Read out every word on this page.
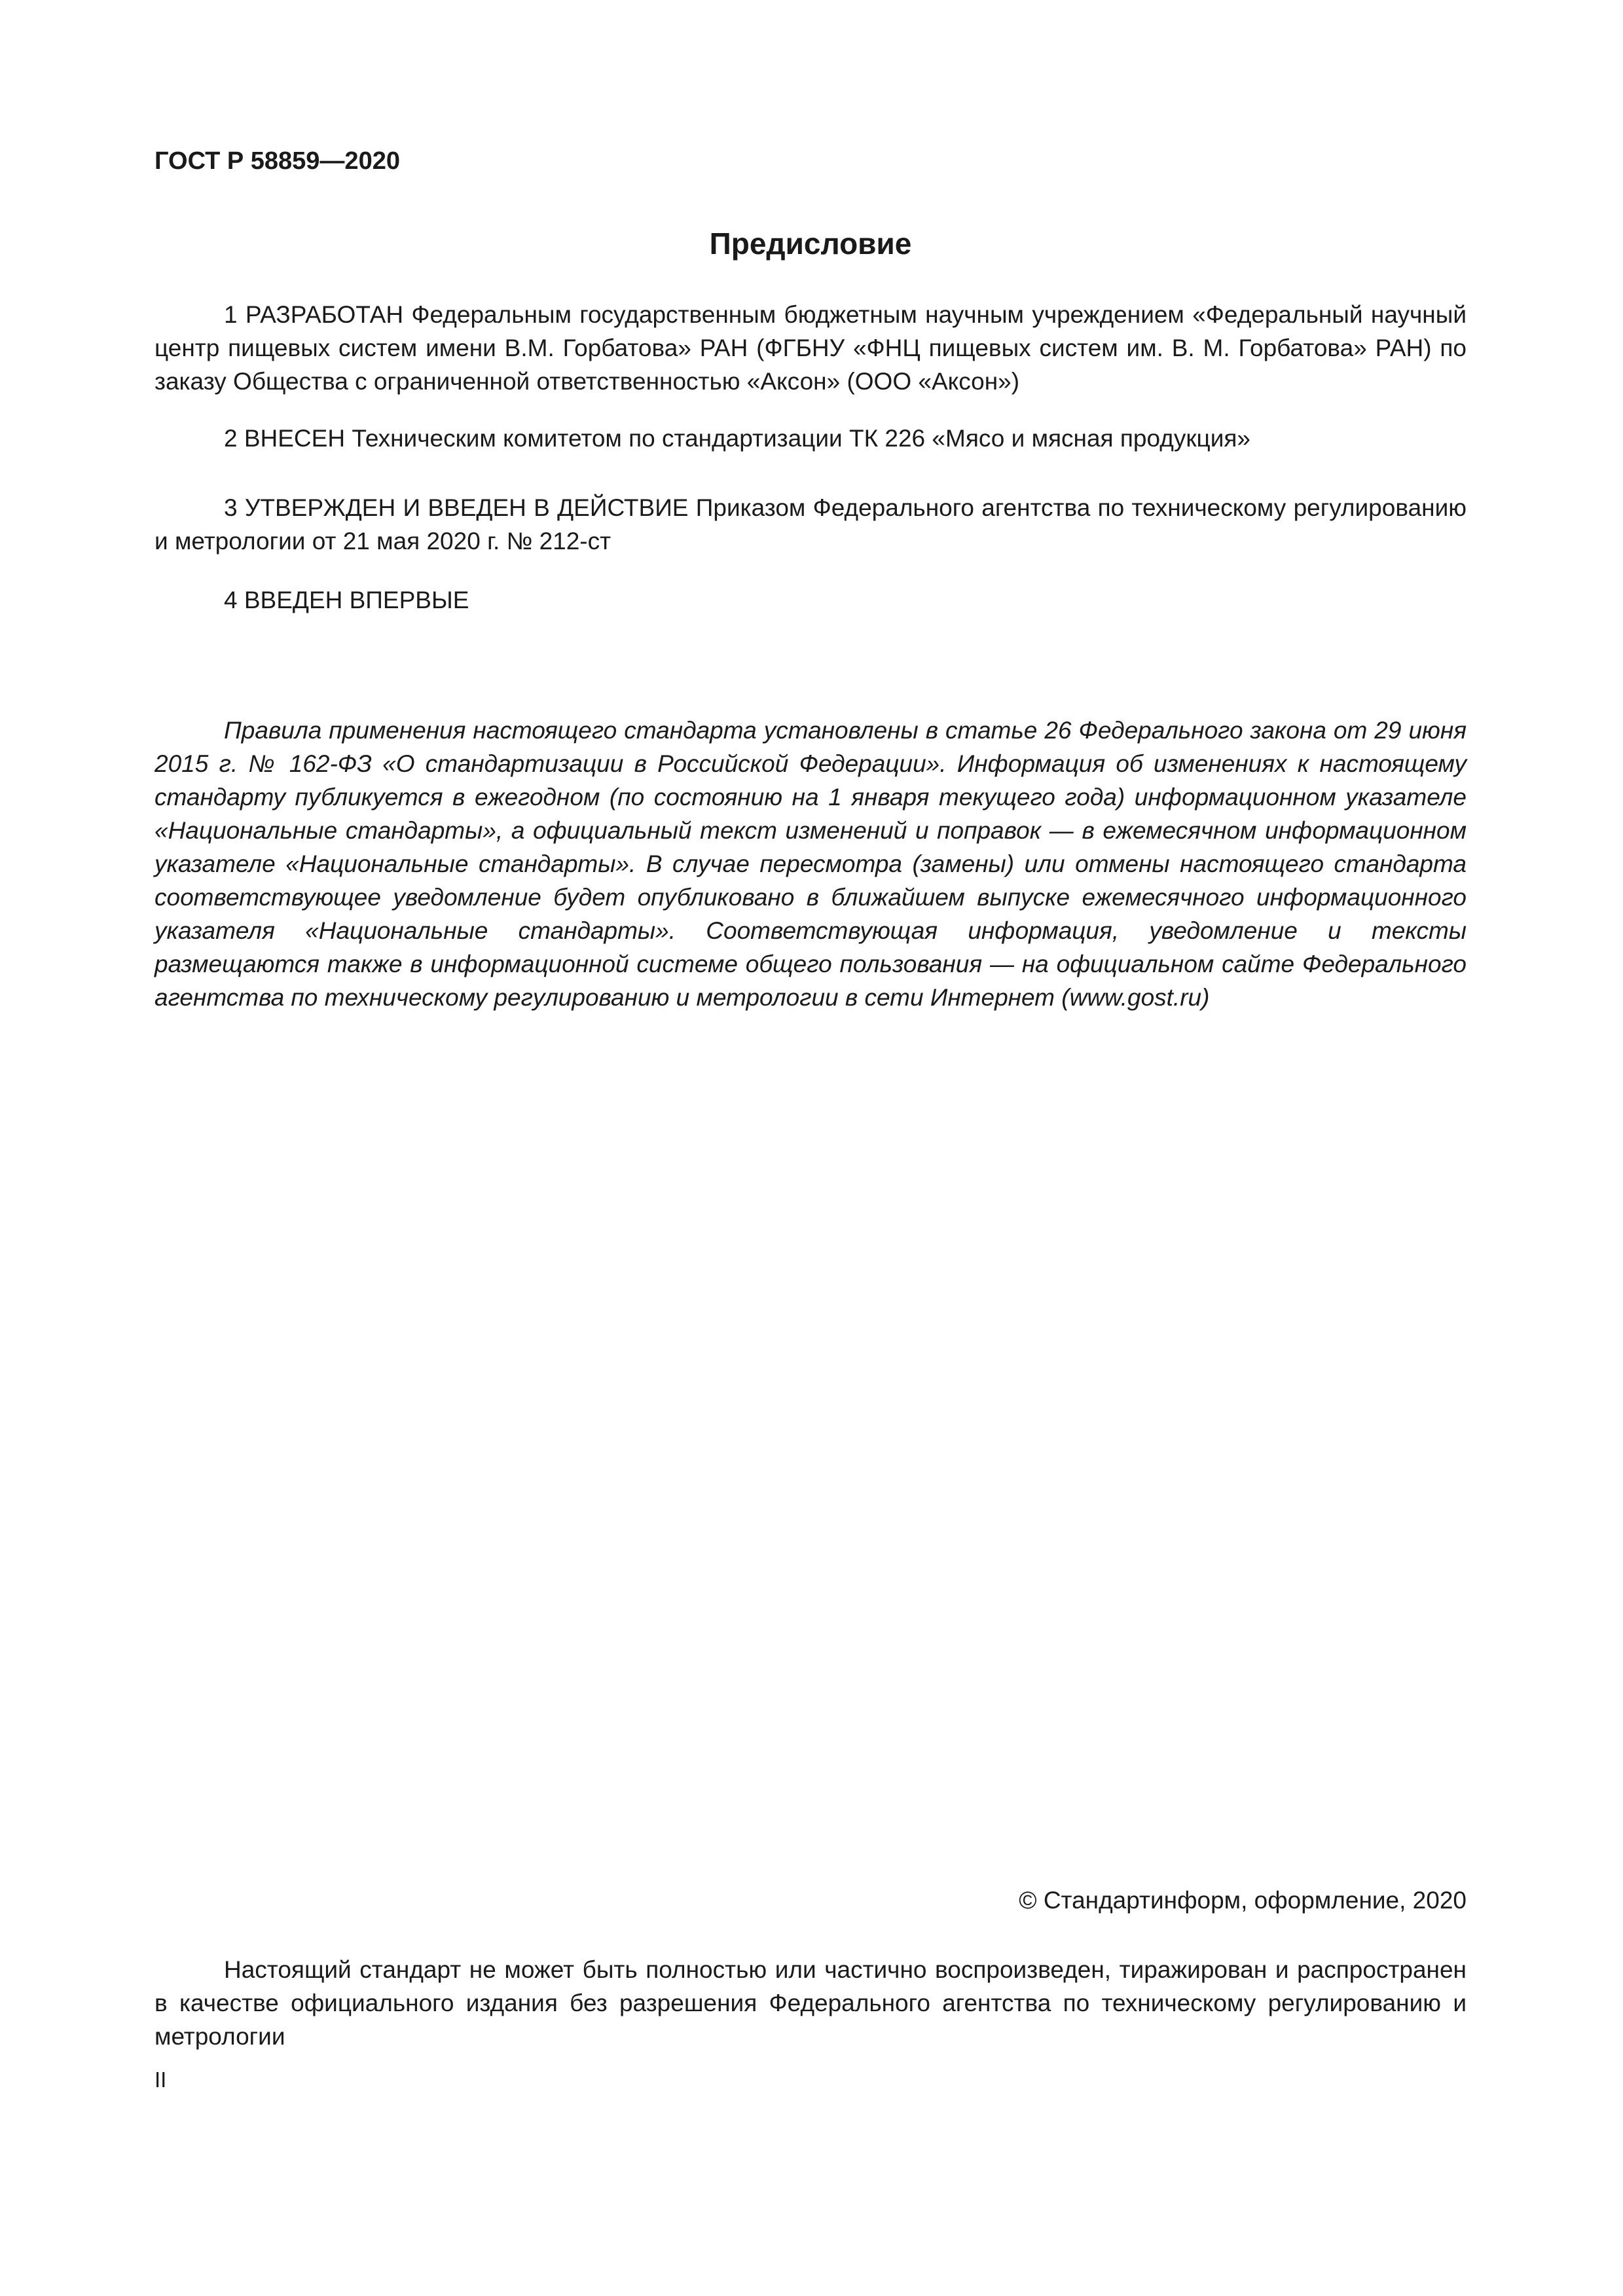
ГОСТ Р 58859—2020
Предисловие

1 РАЗРАБОТАН Федеральным государственным бюджетным научным учреждением «Федеральный научный центр пищевых систем имени В.М. Горбатова» РАН (ФГБНУ «ФНЦ пищевых систем им. В. М. Горбатова» РАН) по заказу Общества с ограниченной ответственностью «Аксон» (ООО «Аксон»)

2 ВНЕСЕН Техническим комитетом по стандартизации ТК 226 «Мясо и мясная продукция»

3 УТВЕРЖДЕН И ВВЕДЕН В ДЕЙСТВИЕ Приказом Федерального агентства по техническому регулированию и метрологии от 21 мая 2020 г. № 212-ст

4 ВВЕДЕН ВПЕРВЫЕ

Правила применения настоящего стандарта установлены в статье 26 Федерального закона от 29 июня 2015 г. № 162-ФЗ «О стандартизации в Российской Федерации». Информация об изменениях к настоящему стандарту публикуется в ежегодном (по состоянию на 1 января текущего года) информационном указателе «Национальные стандарты», а официальный текст изменений и поправок — в ежемесячном информационном указателе «Национальные стандарты». В случае пересмотра (замены) или отмены настоящего стандарта соответствующее уведомление будет опубликовано в ближайшем выпуске ежемесячного информационного указателя «Национальные стандарты». Соответствующая информация, уведомление и тексты размещаются также в информационной системе общего пользования — на официальном сайте Федерального агентства по техническому регулированию и метрологии в сети Интернет (www.gost.ru)

© Стандартинформ, оформление, 2020

Настоящий стандарт не может быть полностью или частично воспроизведен, тиражирован и распространен в качестве официального издания без разрешения Федерального агентства по техническому регулированию и метрологии

II
